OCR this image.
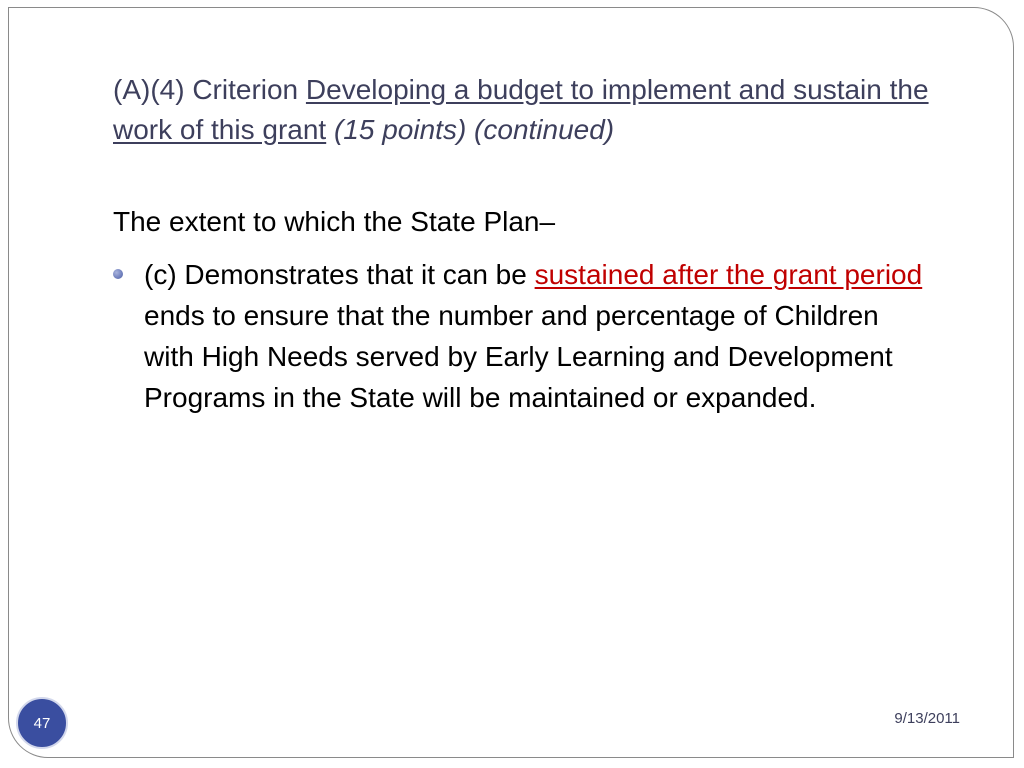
(A)(4) Criterion Developing a budget to implement and sustain the work of this grant (15 points) (continued)
The extent to which the State Plan–
(c) Demonstrates that it can be sustained after the grant period ends to ensure that the number and percentage of Children with High Needs served by Early Learning and Development Programs in the State will be maintained or expanded.
47	9/13/2011
